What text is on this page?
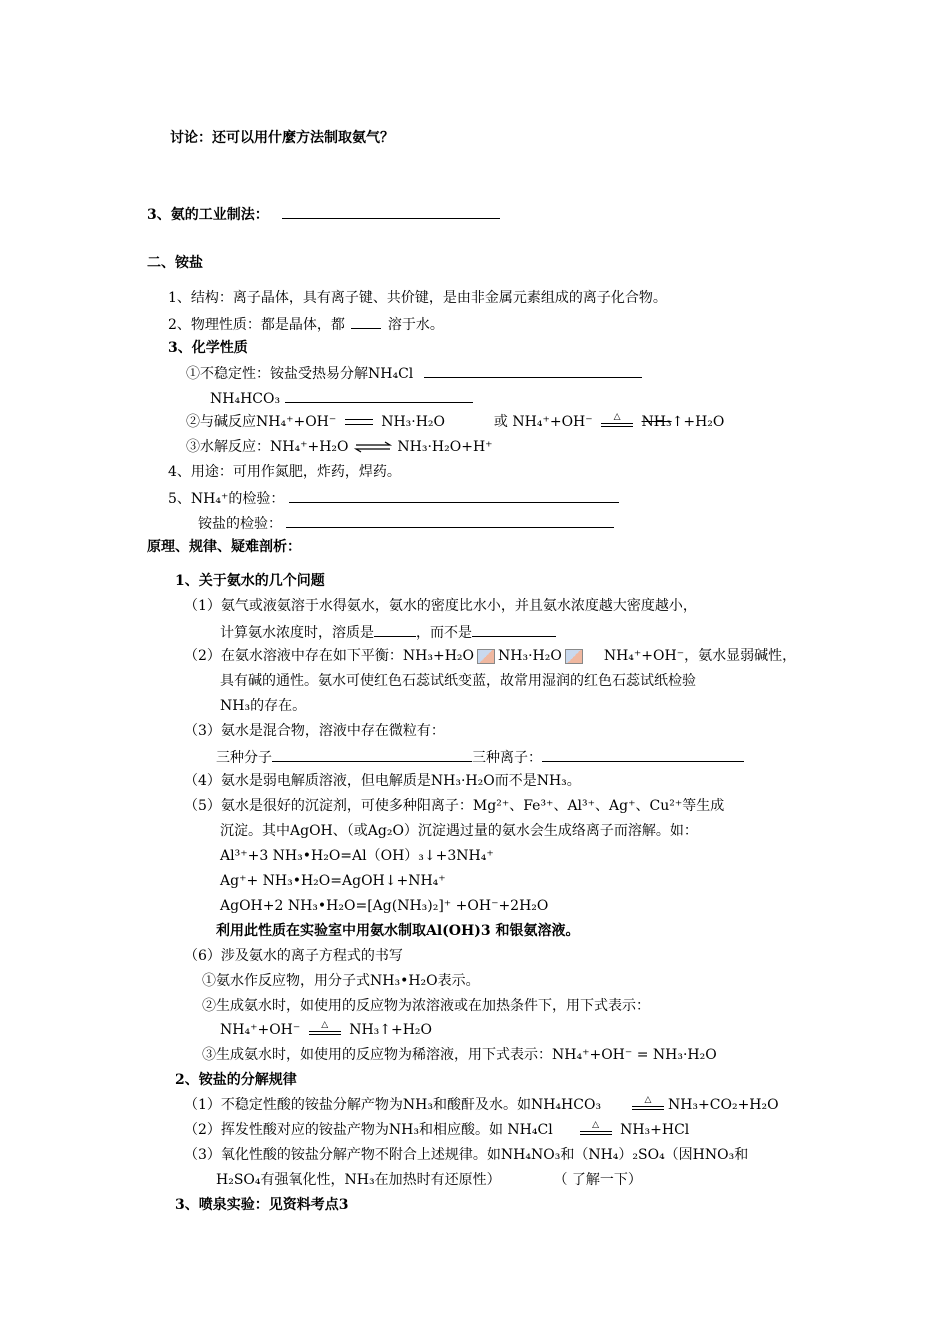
讨论：还可以用什麼方法制取氨气？
3、氨的工业制法：
二、铵盐
1、结构：离子晶体，具有离子键、共价键，是由非金属元素组成的离子化合物。
2、物理性质：都是晶体，都	溶于水。
3、化学性质
①不稳定性：铵盐受热易分解NH₄Cl
NH₄HCO₃
②与碱反应NH₄⁺+OH⁻	NH₃·H₂O	或 NH₄⁺+OH⁻	△	NH₃↑+H₂O
③水解反应：NH₄⁺+H₂O ⇌ NH₃·H₂O+H⁺
4、用途：可用作氮肥，炸药，焊药。
5、NH₄⁺的检验：
铵盐的检验：
原理、规律、疑难剖析：
1、关于氨水的几个问题
（1）氨气或液氨溶于水得氨水，氨水的密度比水小，并且氨水浓度越大密度越小，
计算氨水浓度时，溶质是	，而不是
（2）在氨水溶液中存在如下平衡：NH₃+H₂O NH₃·H₂O	NH₄⁺+OH⁻，氨水显弱碱性，
具有碱的通性。氨水可使红色石蕊试纸变蓝，故常用湿润的红色石蕊试纸检验
NH₃的存在。
（3）氨水是混合物，溶液中存在微粒有：
三种分子	三种离子：
（4）氨水是弱电解质溶液，但电解质是NH₃·H₂O而不是NH₃。
（5）氨水是很好的沉淀剂，可使多种阳离子：Mg²⁺、Fe³⁺、Al³⁺、Ag⁺、Cu²⁺等生成
沉淀。其中AgOH、（或Ag₂O）沉淀遇过量的氨水会生成络离子而溶解。如：
Al³⁺+3 NH₃•H₂O=Al（OH）₃↓+3NH₄⁺
Ag⁺+ NH₃•H₂O=AgOH↓+NH₄⁺
AgOH+2 NH₃•H₂O=[Ag(NH₃)₂]⁺ +OH⁻+2H₂O
利用此性质在实验室中用氨水制取Al(OH)3 和银氨溶液。
（6）涉及氨水的离子方程式的书写
①氨水作反应物，用分子式NH₃•H₂O表示。
②生成氨水时，如使用的反应物为浓溶液或在加热条件下，用下式表示：
NH₄⁺+OH⁻	△	NH₃↑+H₂O
③生成氨水时，如使用的反应物为稀溶液，用下式表示：NH₄⁺+OH⁻ = NH₃·H₂O
2、铵盐的分解规律
（1）不稳定性酸的铵盐分解产物为NH₃和酸酐及水。如NH₄HCO₃	△	NH₃+CO₂+H₂O
（2）挥发性酸对应的铵盐产物为NH₃和相应酸。如 NH₄Cl	△	NH₃+HCl
（3）氧化性酸的铵盐分解产物不附合上述规律。如NH₄NO₃和（NH₄）₂SO₄（因HNO₃和
H₂SO₄有强氧化性，NH₃在加热时有还原性）	（ 了解一下）
3、喷泉实验：见资料考点3
